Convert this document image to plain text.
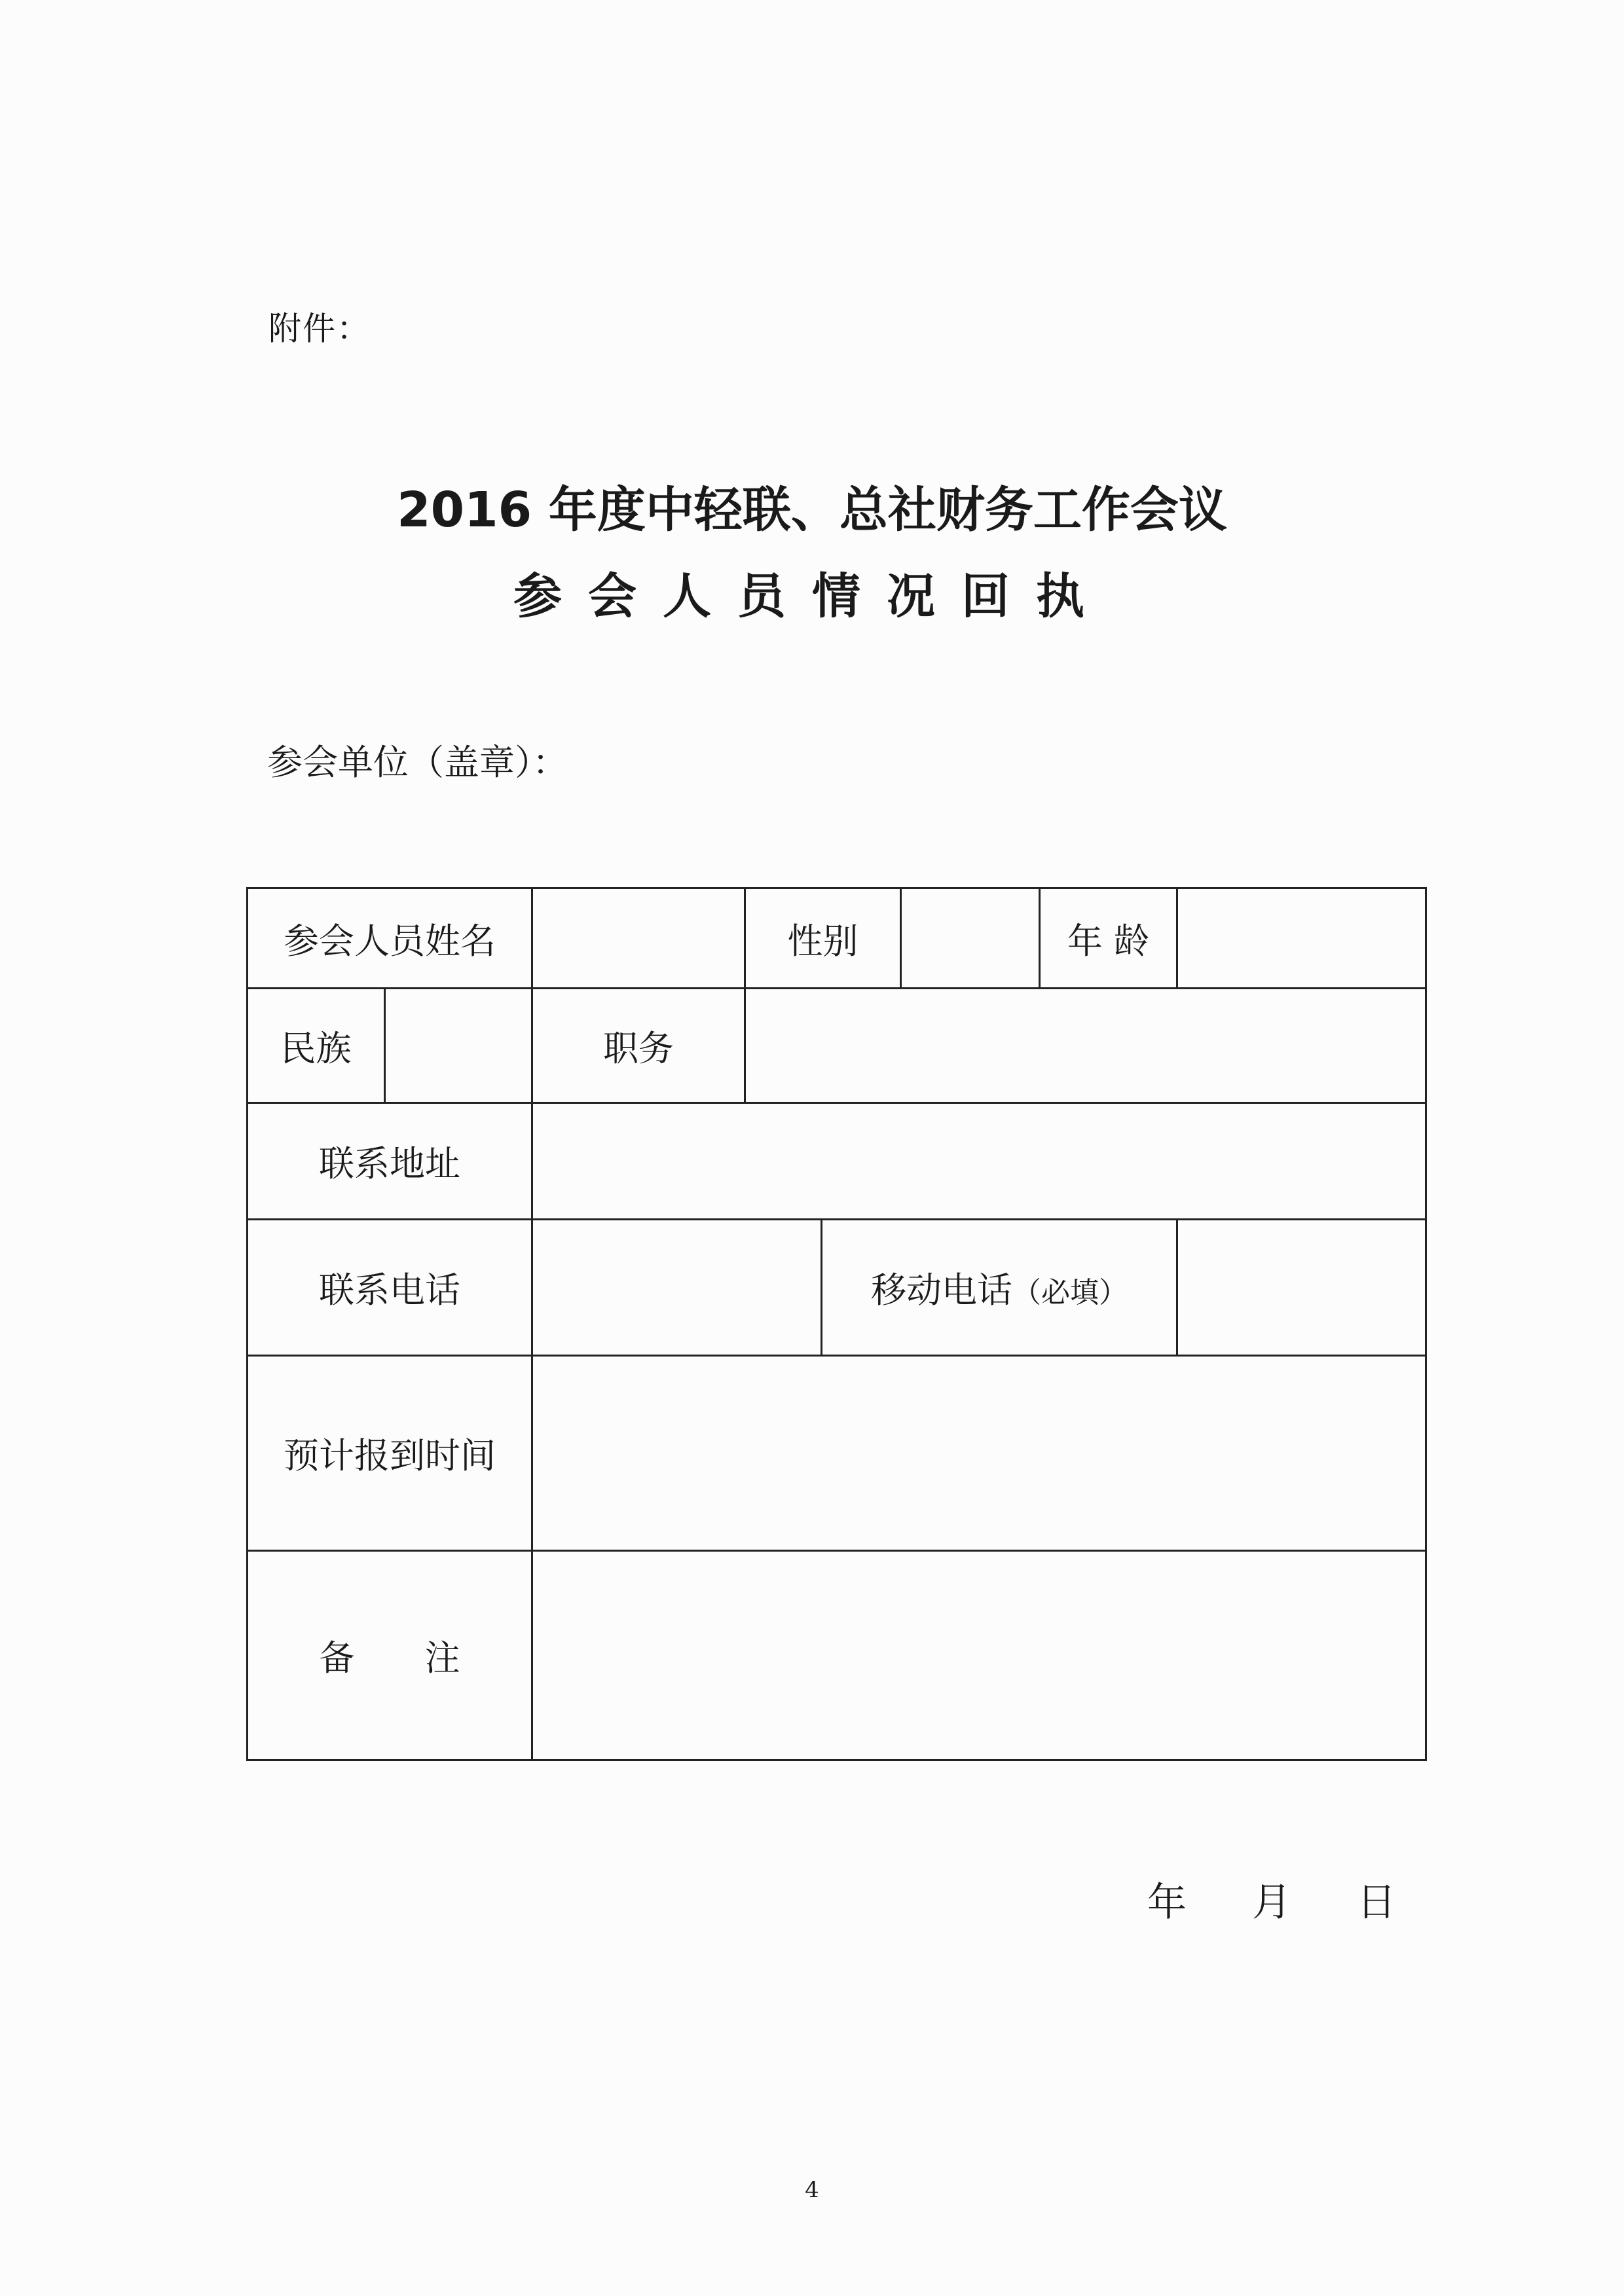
附件：
2016 年度中轻联、总社财务工作会议
参会人员情况回执
参会单位（盖章）：
参会人员姓名			性别		年 龄	
民族		职务				
联系地址						
联系电话				移动电话（必填）		
预计报到时间						
备 注						
年 月 日
4
